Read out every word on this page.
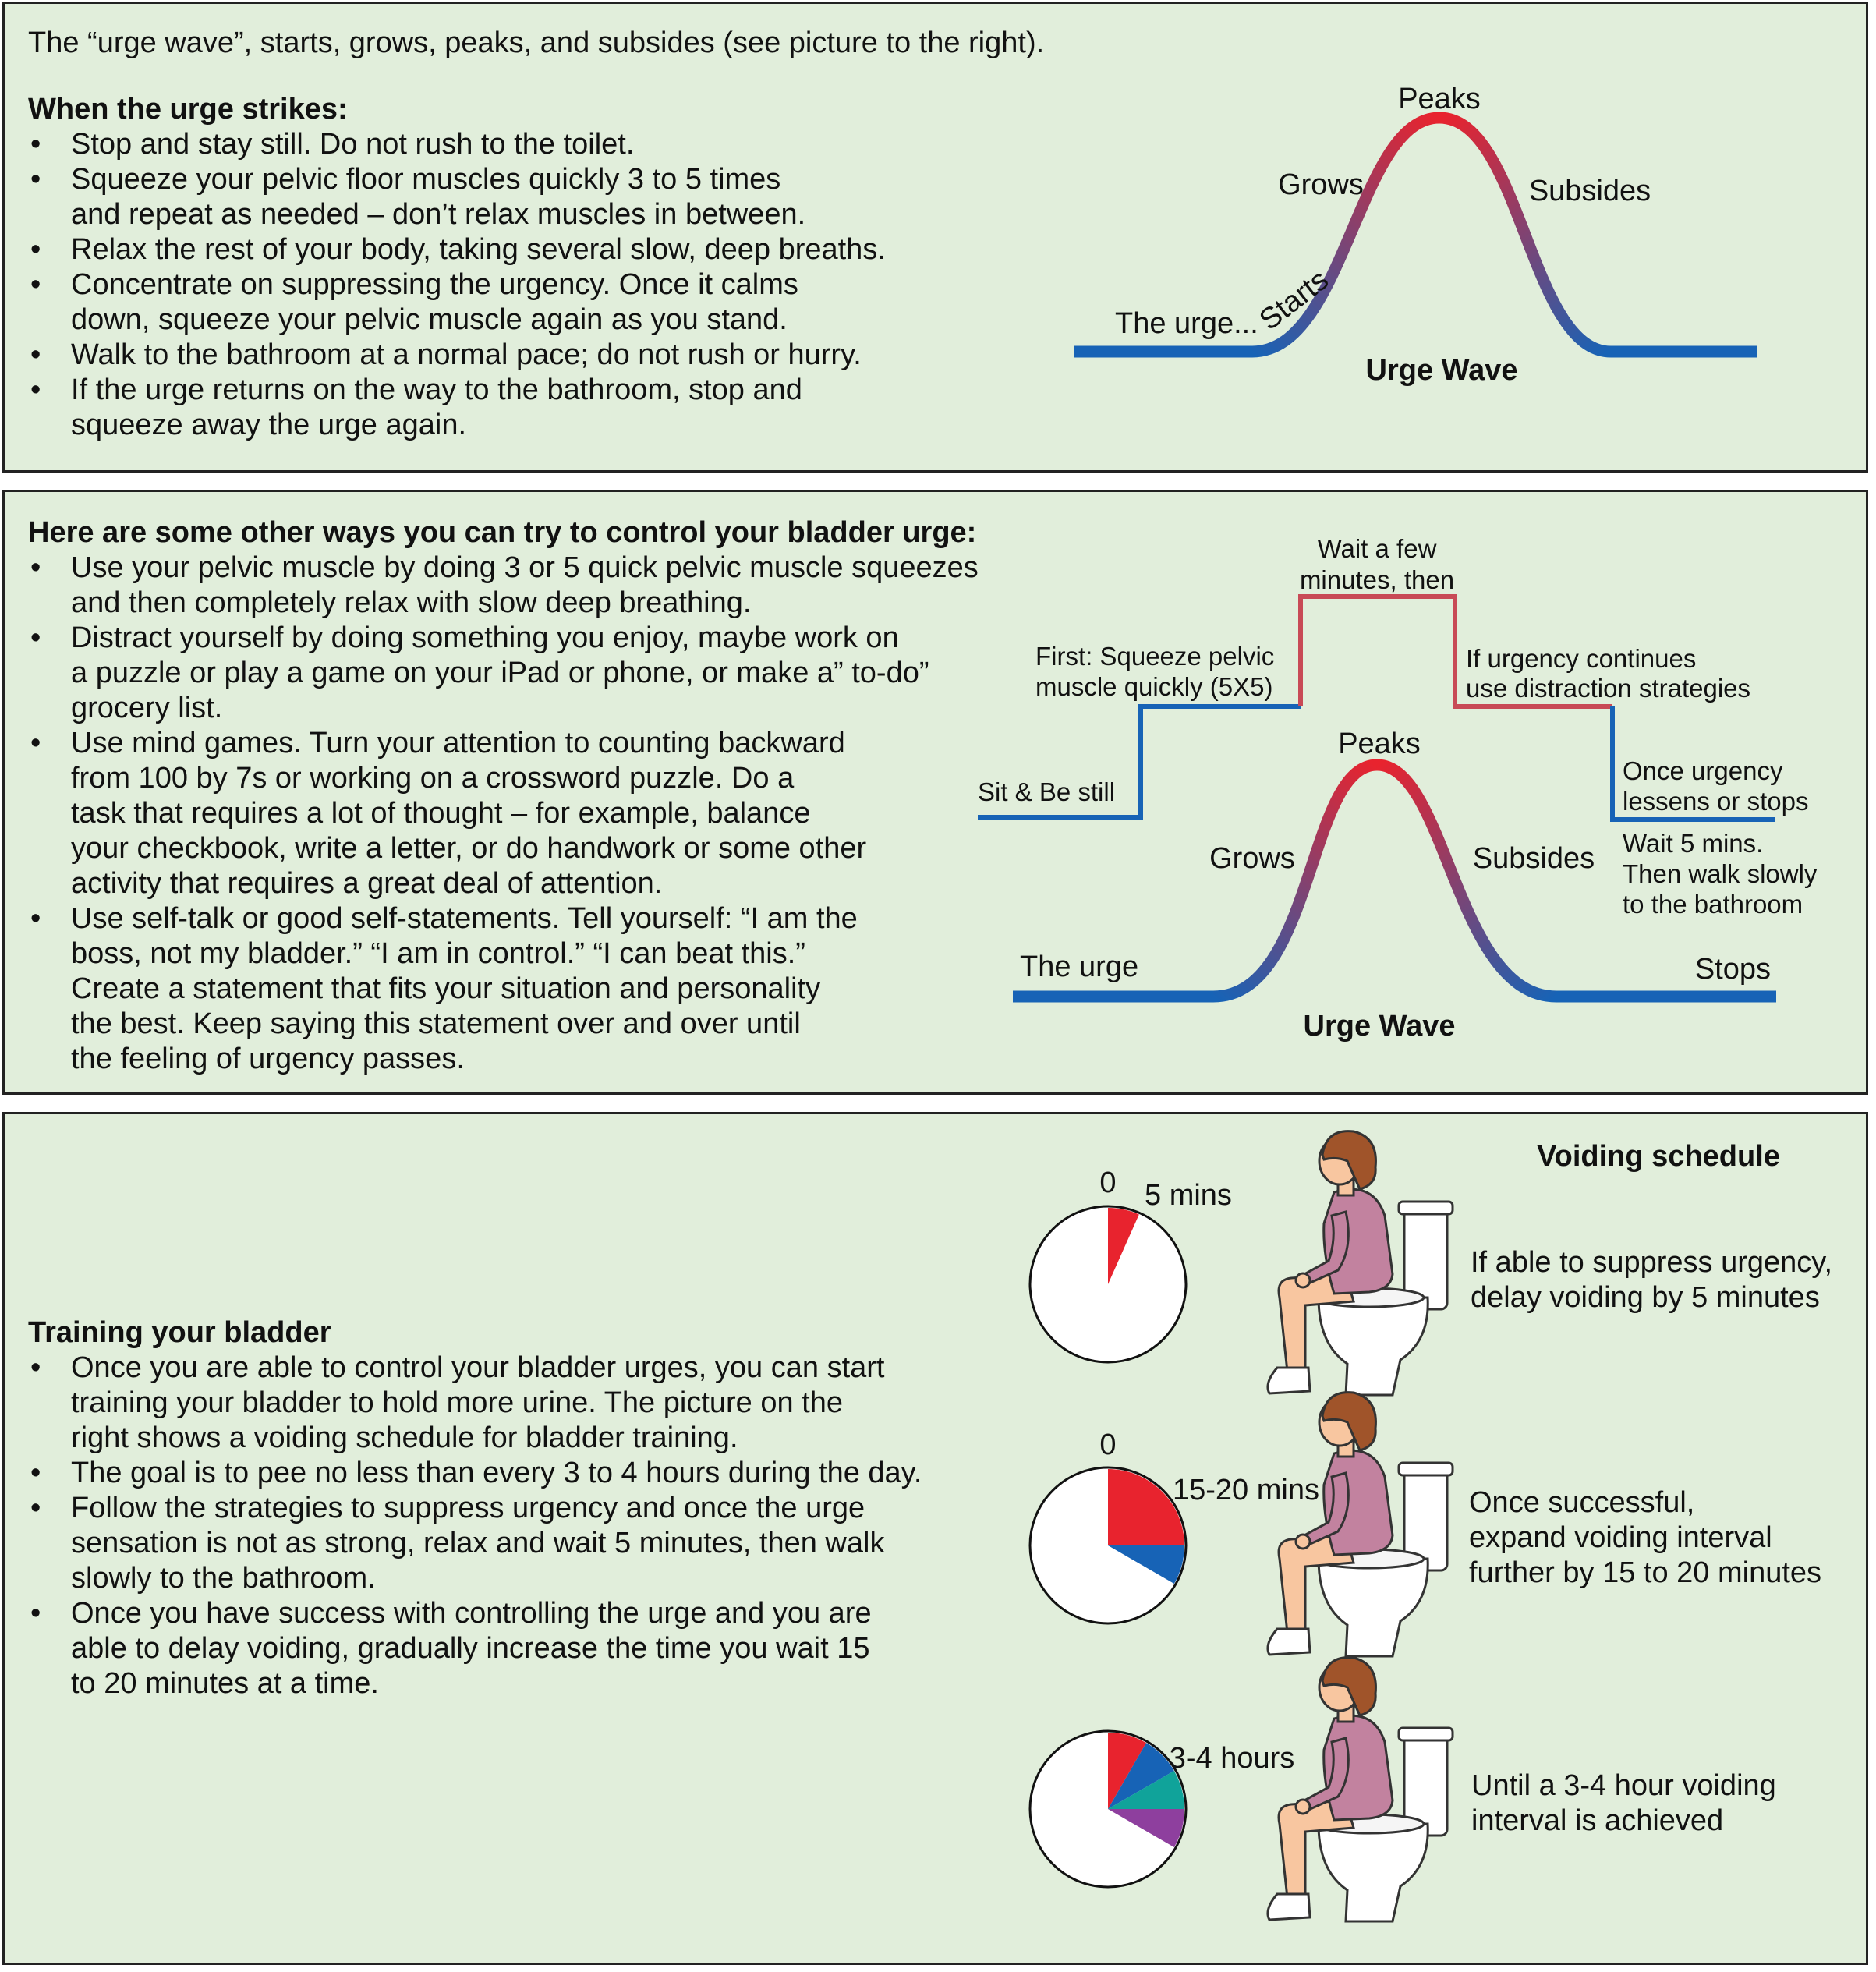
The “urge wave”, starts, grows, peaks, and subsides (see picture to the right).

When the urge strikes:

• Stop and stay still. Do not rush to the toilet.
• Squeeze your pelvic floor muscles quickly 3 to 5 times
and repeat as needed – don’t relax muscles in between.
• Relax the rest of your body, taking several slow, deep breaths.
• Concentrate on suppressing the urgency. Once it calms
down, squeeze your pelvic muscle again as you stand.
• Walk to the bathroom at a normal pace; do not rush or hurry.
• If the urge returns on the way to the bathroom, stop and
squeeze away the urge again.
Peaks
Grows	Subsides
The urge...
Starts
Urge Wave

Here are some other ways you can try to control your bladder urge:

• Use your pelvic muscle by doing 3 or 5 quick pelvic muscle squeezes
and then completely relax with slow deep breathing.
• Distract yourself by doing something you enjoy, maybe work on
a puzzle or play a game on your iPad or phone, or make a” to-do”
grocery list.
• Use mind games. Turn your attention to counting backward
from 100 by 7s or working on a crossword puzzle. Do a
task that requires a lot of thought – for example, balance
your checkbook, write a letter, or do handwork or some other
activity that requires a great deal of attention.
• Use self-talk or good self-statements. Tell yourself: “I am the
boss, not my bladder.” “I am in control.” “I can beat this.”
Create a statement that fits your situation and personality
the best. Keep saying this statement over and over until
the feeling of urgency passes.
Sit & Be still
First: Squeeze pelvic
muscle quickly (5X5)
Wait a few
minutes, then
If urgency continues
use distraction strategies
Once urgency
lessens or stops
Wait 5 mins.
Then walk slowly
to the bathroom
Peaks
Grows	Subsides
The urge	Stops
Urge Wave

Training your bladder

• Once you are able to control your bladder urges, you can start
training your bladder to hold more urine. The picture on the
right shows a voiding schedule for bladder training.
• The goal is to pee no less than every 3 to 4 hours during the day.
• Follow the strategies to suppress urgency and once the urge
sensation is not as strong, relax and wait 5 minutes, then walk
slowly to the bathroom.
• Once you have success with controlling the urge and you are
able to delay voiding, gradually increase the time you wait 15
to 20 minutes at a time.
Voiding schedule
0 5 mins
If able to suppress urgency,
delay voiding by 5 minutes
0
15-20 mins	Once successful,
expand voiding interval
further by 15 to 20 minutes
3-4 hours
Until a 3-4 hour voiding
interval is achieved
